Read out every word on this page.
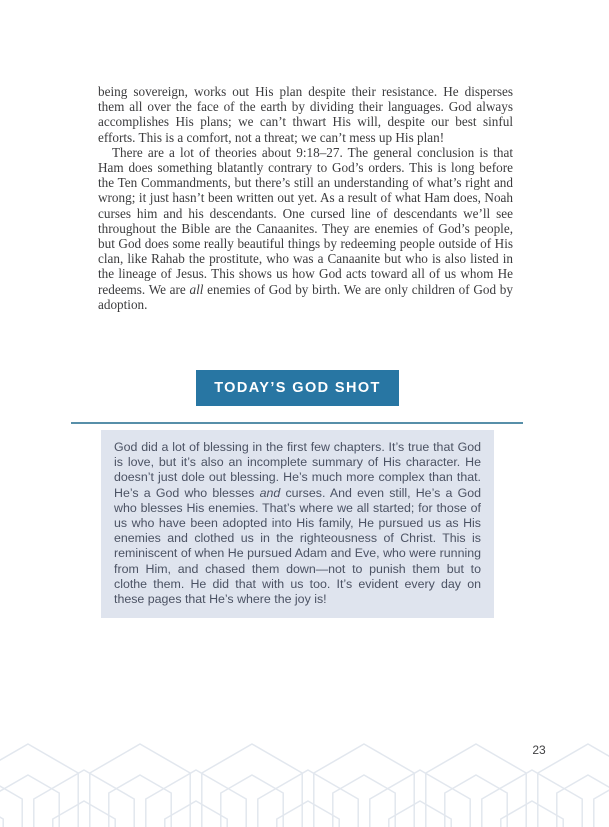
being sovereign, works out His plan despite their resistance. He disperses them all over the face of the earth by dividing their languages. God always accomplishes His plans; we can’t thwart His will, despite our best sinful efforts. This is a comfort, not a threat; we can’t mess up His plan!

There are a lot of theories about 9:18–27. The general conclusion is that Ham does something blatantly contrary to God’s orders. This is long before the Ten Commandments, but there’s still an understanding of what’s right and wrong; it just hasn’t been written out yet. As a result of what Ham does, Noah curses him and his descendants. One cursed line of descendants we’ll see throughout the Bible are the Canaanites. They are enemies of God’s people, but God does some really beautiful things by redeeming people outside of His clan, like Rahab the prostitute, who was a Canaanite but who is also listed in the lineage of Jesus. This shows us how God acts toward all of us whom He redeems. We are all enemies of God by birth. We are only children of God by adoption.

TODAY’S GOD SHOT

God did a lot of blessing in the first few chapters. It’s true that God is love, but it’s also an incomplete summary of His character. He doesn’t just dole out blessing. He’s much more complex than that. He’s a God who blesses and curses. And even still, He’s a God who blesses His enemies. That’s where we all started; for those of us who have been adopted into His family, He pursued us as His enemies and clothed us in the righteousness of Christ. This is reminiscent of when He pursued Adam and Eve, who were running from Him, and chased them down—not to punish them but to clothe them. He did that with us too. It’s evident every day on these pages that He’s where the joy is!

23
